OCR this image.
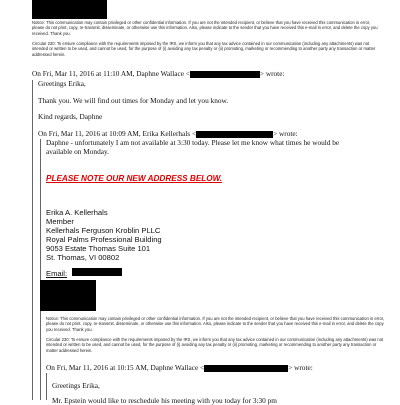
Notice: This communication may contain privileged or other confidential information. If you are not the intended recipient, or believe that you have received this communication in error, please do not print, copy, re-transmit, disseminate, or otherwise use this information. Also, please indicate to the sender that you have received this e-mail in error, and delete the copy you received. Thank you.
Circular 230: To ensure compliance with the requirements imposed by the IRS, we inform you that any tax advice contained in our communication (including any attachments) was not intended or written to be used, and cannot be used, for the purpose of (i) avoiding any tax penalty or (ii) promoting, marketing or recommending to another party any transaction or matter addressed herein.
On Fri, Mar 11, 2016 at 11:10 AM, Daphne Wallace <	> wrote:
Greetings Erika,
Thank you. We will find out times for Monday and let you know.
Kind regards, Daphne
On Fri, Mar 11, 2016 at 10:09 AM, Erika Kellerhals <	> wrote:
Daphne - unfortunately I am not available at 3:30 today. Please let me know what times he would be
available on Monday.
PLEASE NOTE OUR NEW ADDRESS BELOW.
Erika A. Kellerhals
Member
Kellerhals Ferguson Kroblin PLLC
Royal Palms Professional Building
9053 Estate Thomas Suite 101
St. Thomas, VI 00802
Email:
Notice: This communication may contain privileged or other confidential information. If you are not the intended recipient, or believe that you have received this communication in error, please do not print, copy, re-transmit, disseminate, or otherwise use this information. Also, please indicate to the sender that you have received this e-mail in error, and delete the copy you received. Thank you.
Circular 230: To ensure compliance with the requirements imposed by the IRS, we inform you that any tax advice contained in our communication (including any attachments) was not intended or written to be used, and cannot be used, for the purpose of (i) avoiding any tax penalty or (ii) promoting, marketing or recommending to another party any transaction or matter addressed herein.
On Fri, Mar 11, 2016 at 10:15 AM, Daphne Wallace <	> wrote:
Greetings Erika,
Mr. Epstein would like to reschedule his meeting with you today for 3:30 pm
